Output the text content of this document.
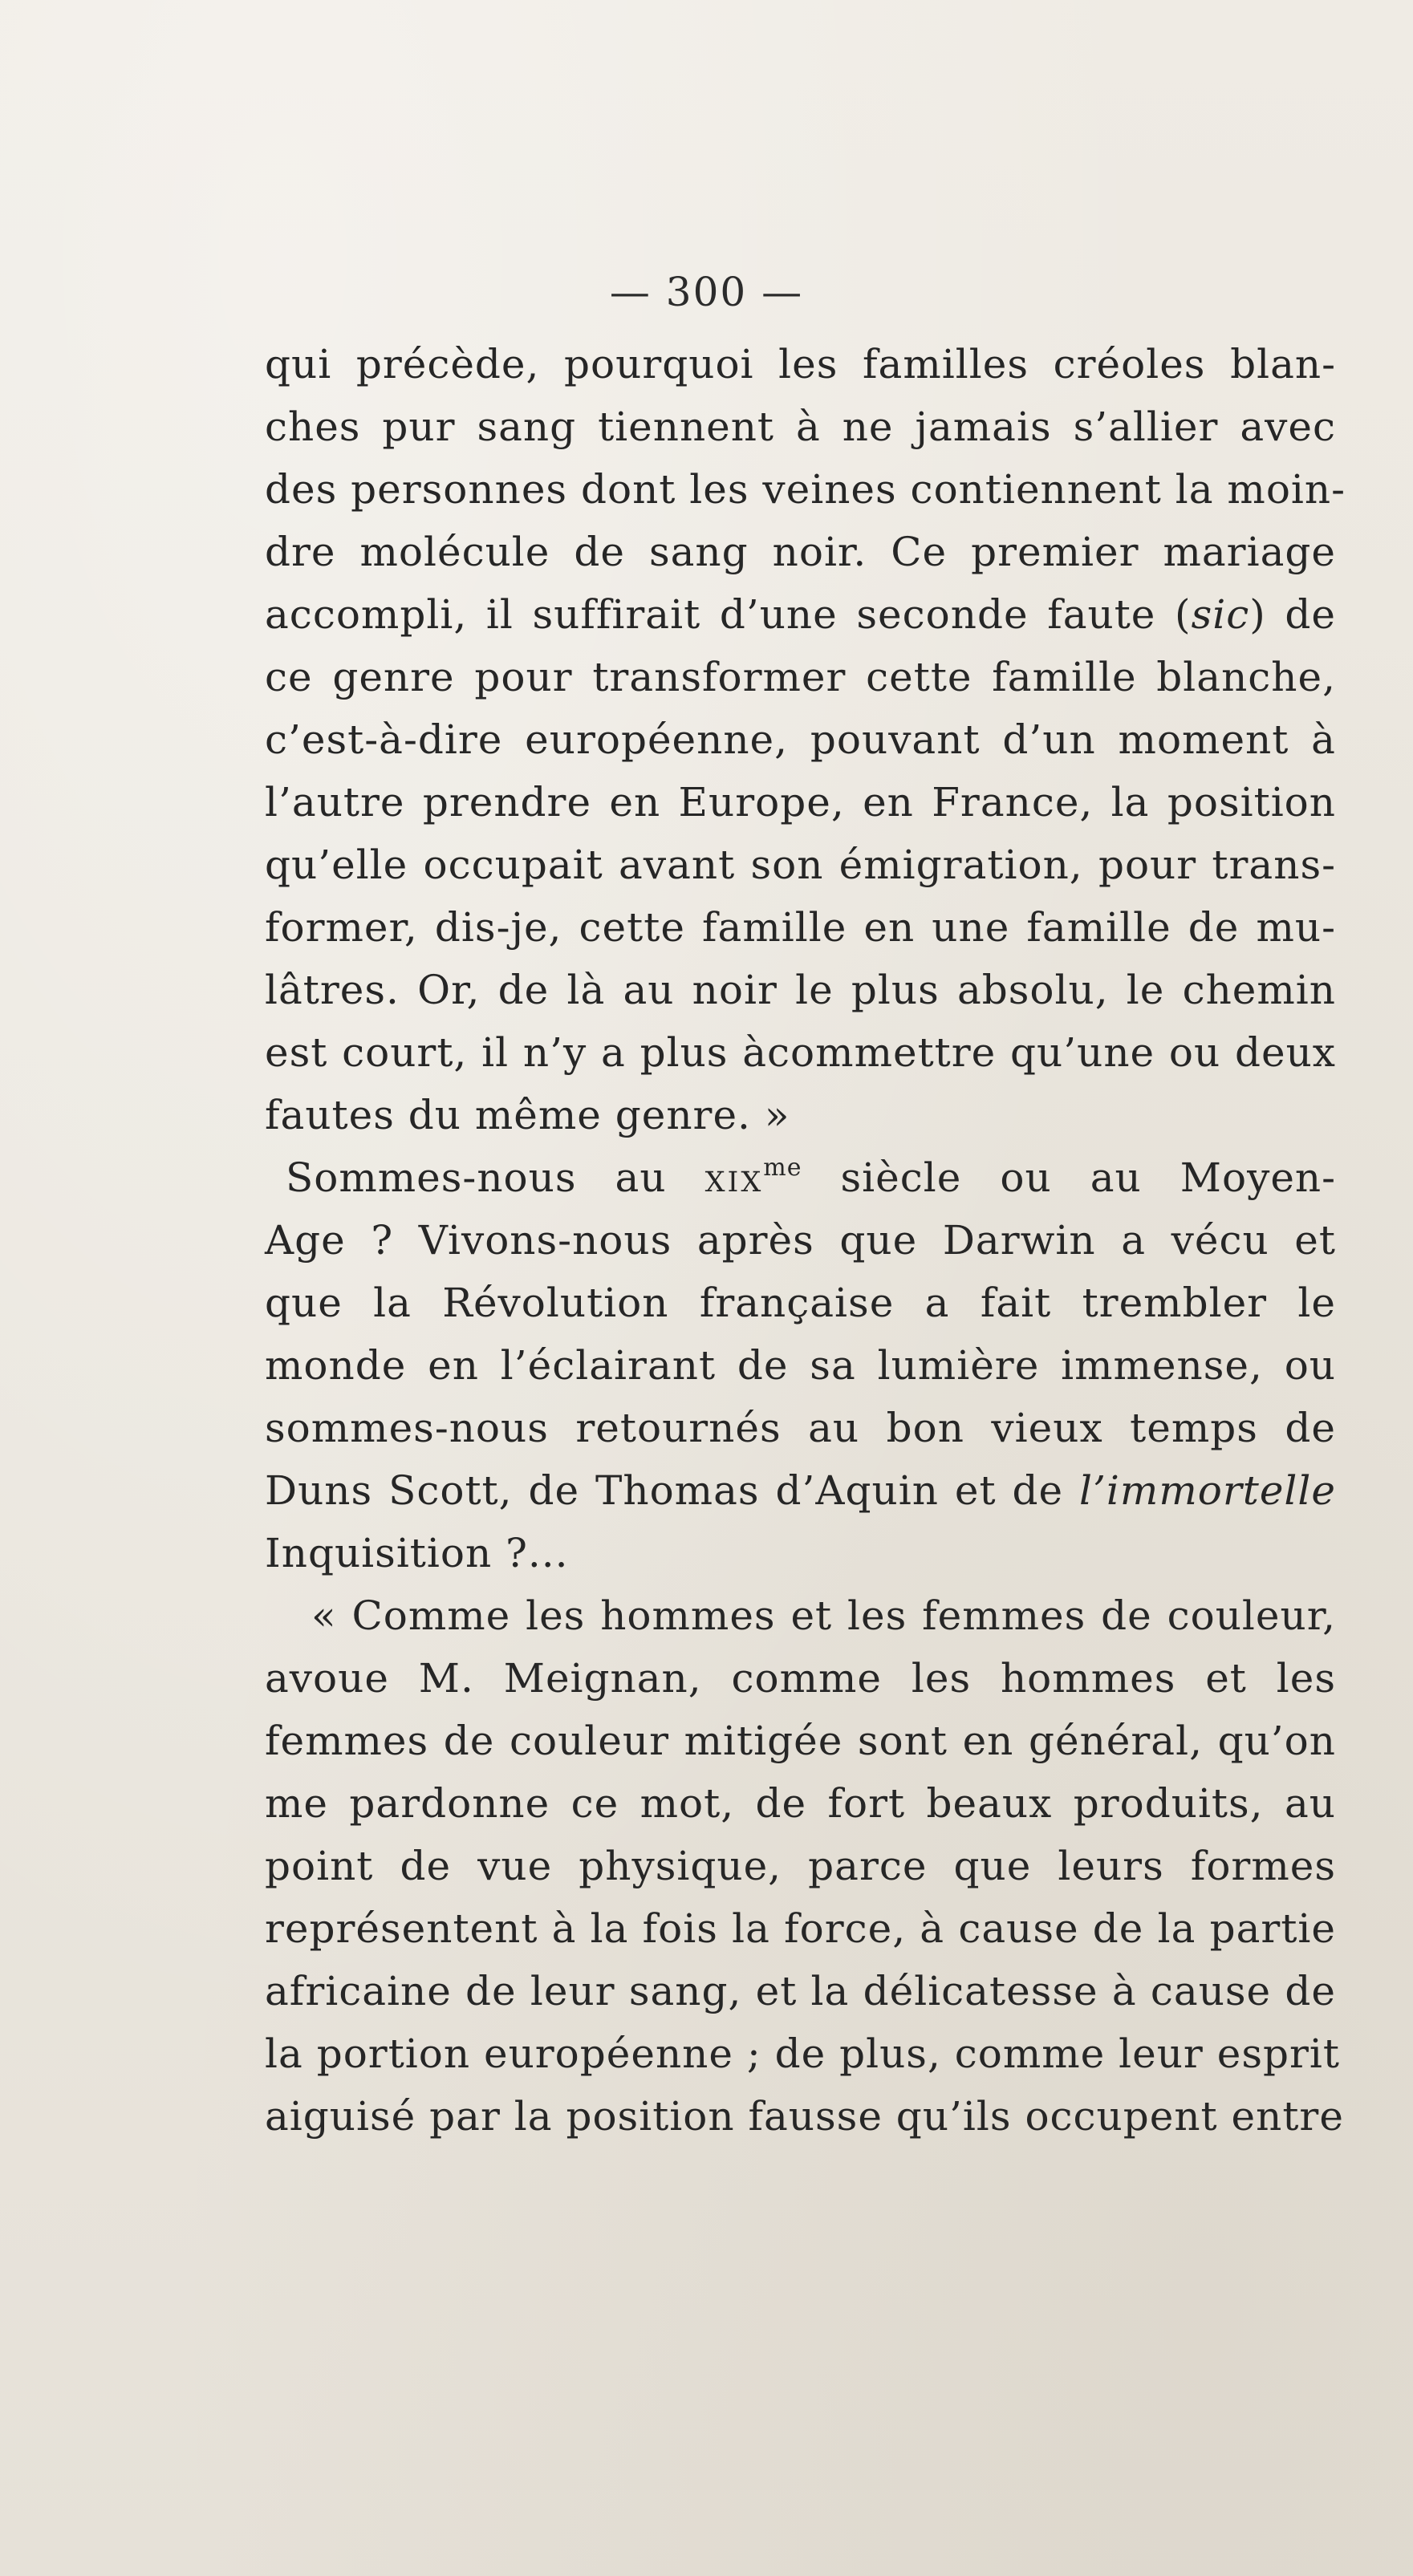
— 300 —
qui précède, pourquoi les familles créoles blan-
ches pur sang tiennent à ne jamais s’allier avec
des personnes dont les veines contiennent la moin-
dre molécule de sang noir. Ce premier mariage
accompli, il suffirait d’une seconde faute (sic) de
ce genre pour transformer cette famille blanche,
c’est-à-dire européenne, pouvant d’un moment à
l’autre prendre en Europe, en France, la position
qu’elle occupait avant son émigration, pour trans-
former, dis-je, cette famille en une famille de mu-
lâtres. Or, de là au noir le plus absolu, le chemin
est court, il n’y a plus àcommettre qu’une ou deux
fautes du même genre. »
Sommes-nous au xix$^{me}$ siècle ou au Moyen-
Age ? Vivons-nous après que Darwin a vécu et
que la Révolution française a fait trembler le
monde en l’éclairant de sa lumière immense, ou
sommes-nous retournés au bon vieux temps de
Duns Scott, de Thomas d’Aquin et de l’immortelle
Inquisition ?...
« Comme les hommes et les femmes de couleur,
avoue M. Meignan, comme les hommes et les
femmes de couleur mitigée sont en général, qu’on
me pardonne ce mot, de fort beaux produits, au
point de vue physique, parce que leurs formes
représentent à la fois la force, à cause de la partie
africaine de leur sang, et la délicatesse à cause de
la portion européenne ; de plus, comme leur esprit
aiguisé par la position fausse qu’ils occupent entre
